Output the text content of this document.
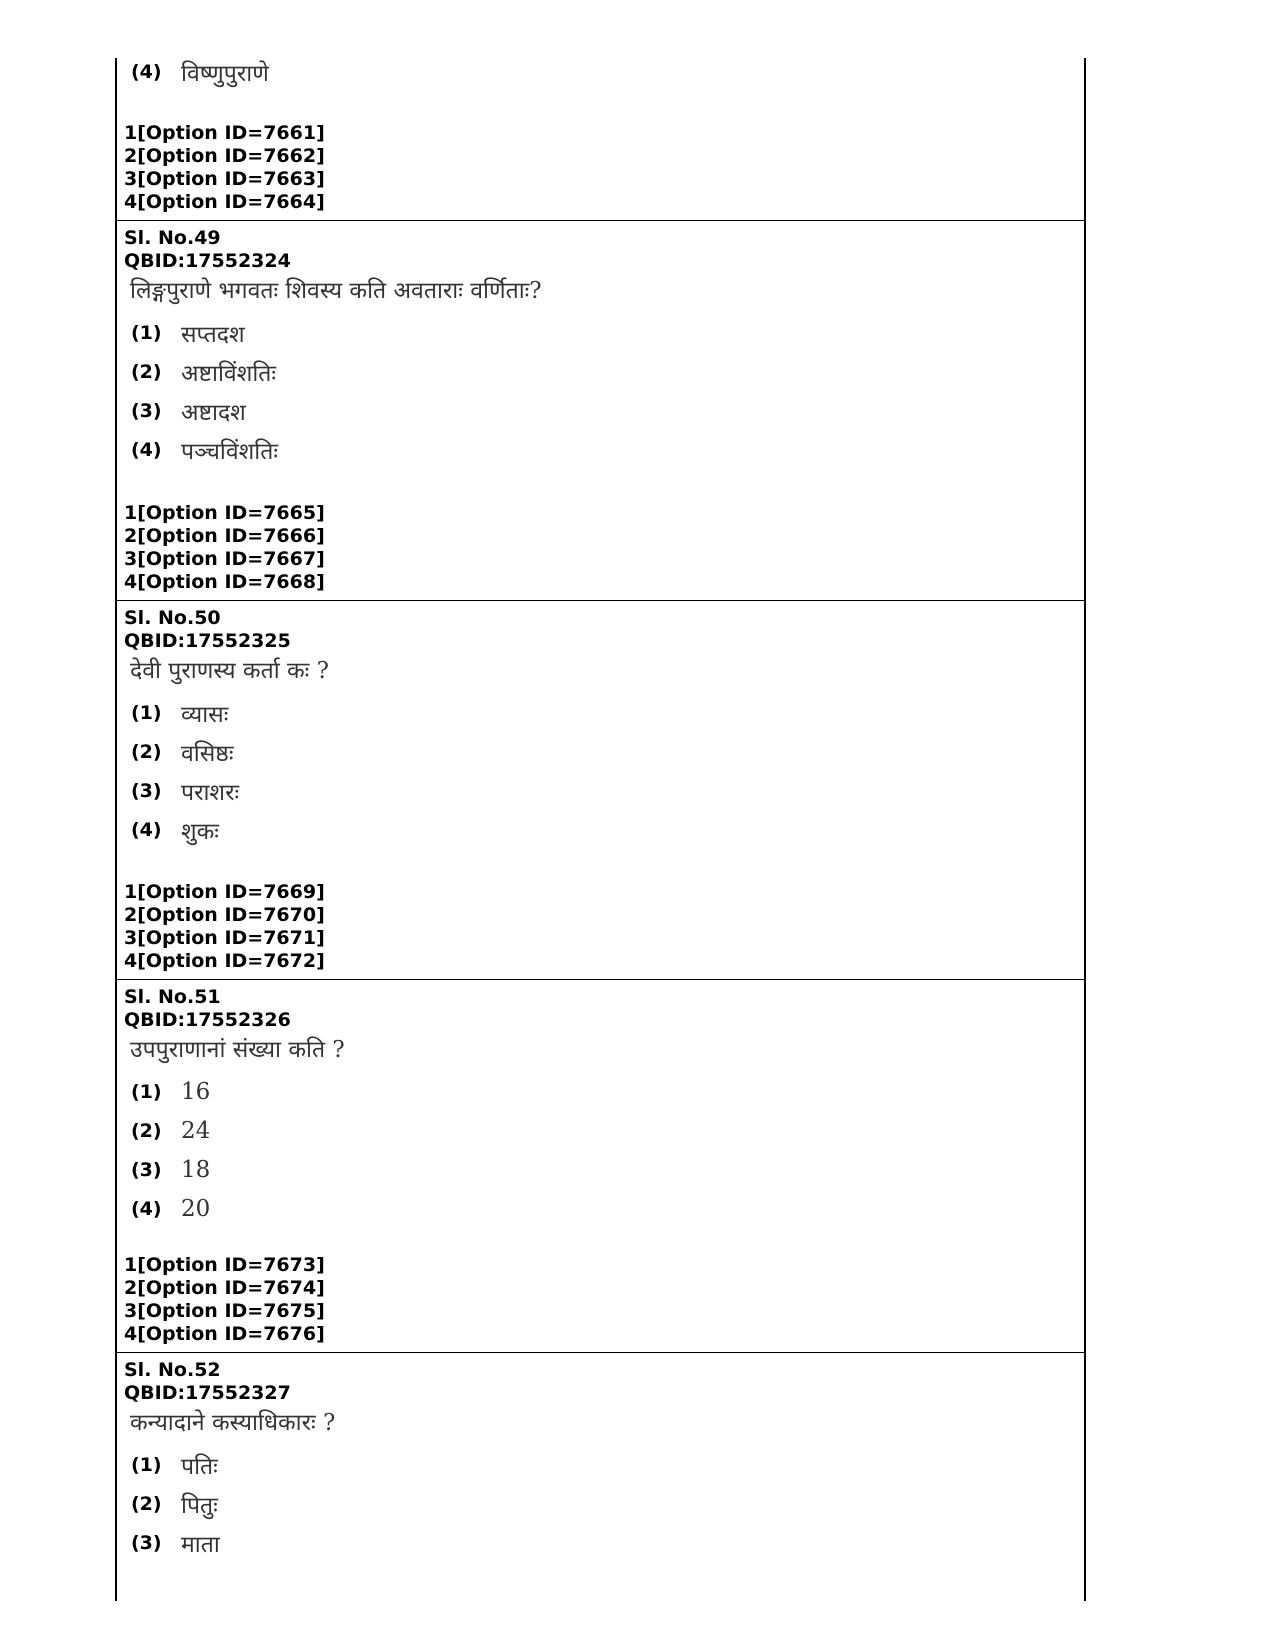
(4) विष्णुपुराणे
1[Option ID=7661]
2[Option ID=7662]
3[Option ID=7663]
4[Option ID=7664]
Sl. No.49
QBID:17552324
लिङ्गपुराणे भगवतः शिवस्य कति अवताराः वर्णिताः?
(1) सप्तदश
(2) अष्टाविंशतिः
(3) अष्टादश
(4) पञ्चविंशतिः
1[Option ID=7665]
2[Option ID=7666]
3[Option ID=7667]
4[Option ID=7668]
Sl. No.50
QBID:17552325
देवी पुराणस्य कर्ता कः ?
(1) व्यासः
(2) वसिष्ठः
(3) पराशरः
(4) शुकः
1[Option ID=7669]
2[Option ID=7670]
3[Option ID=7671]
4[Option ID=7672]
Sl. No.51
QBID:17552326
उपपुराणानां संख्या कति ?
(1) 16
(2) 24
(3) 18
(4) 20
1[Option ID=7673]
2[Option ID=7674]
3[Option ID=7675]
4[Option ID=7676]
Sl. No.52
QBID:17552327
कन्यादाने कस्याधिकारः ?
(1) पतिः
(2) पितुः
(3) माता
